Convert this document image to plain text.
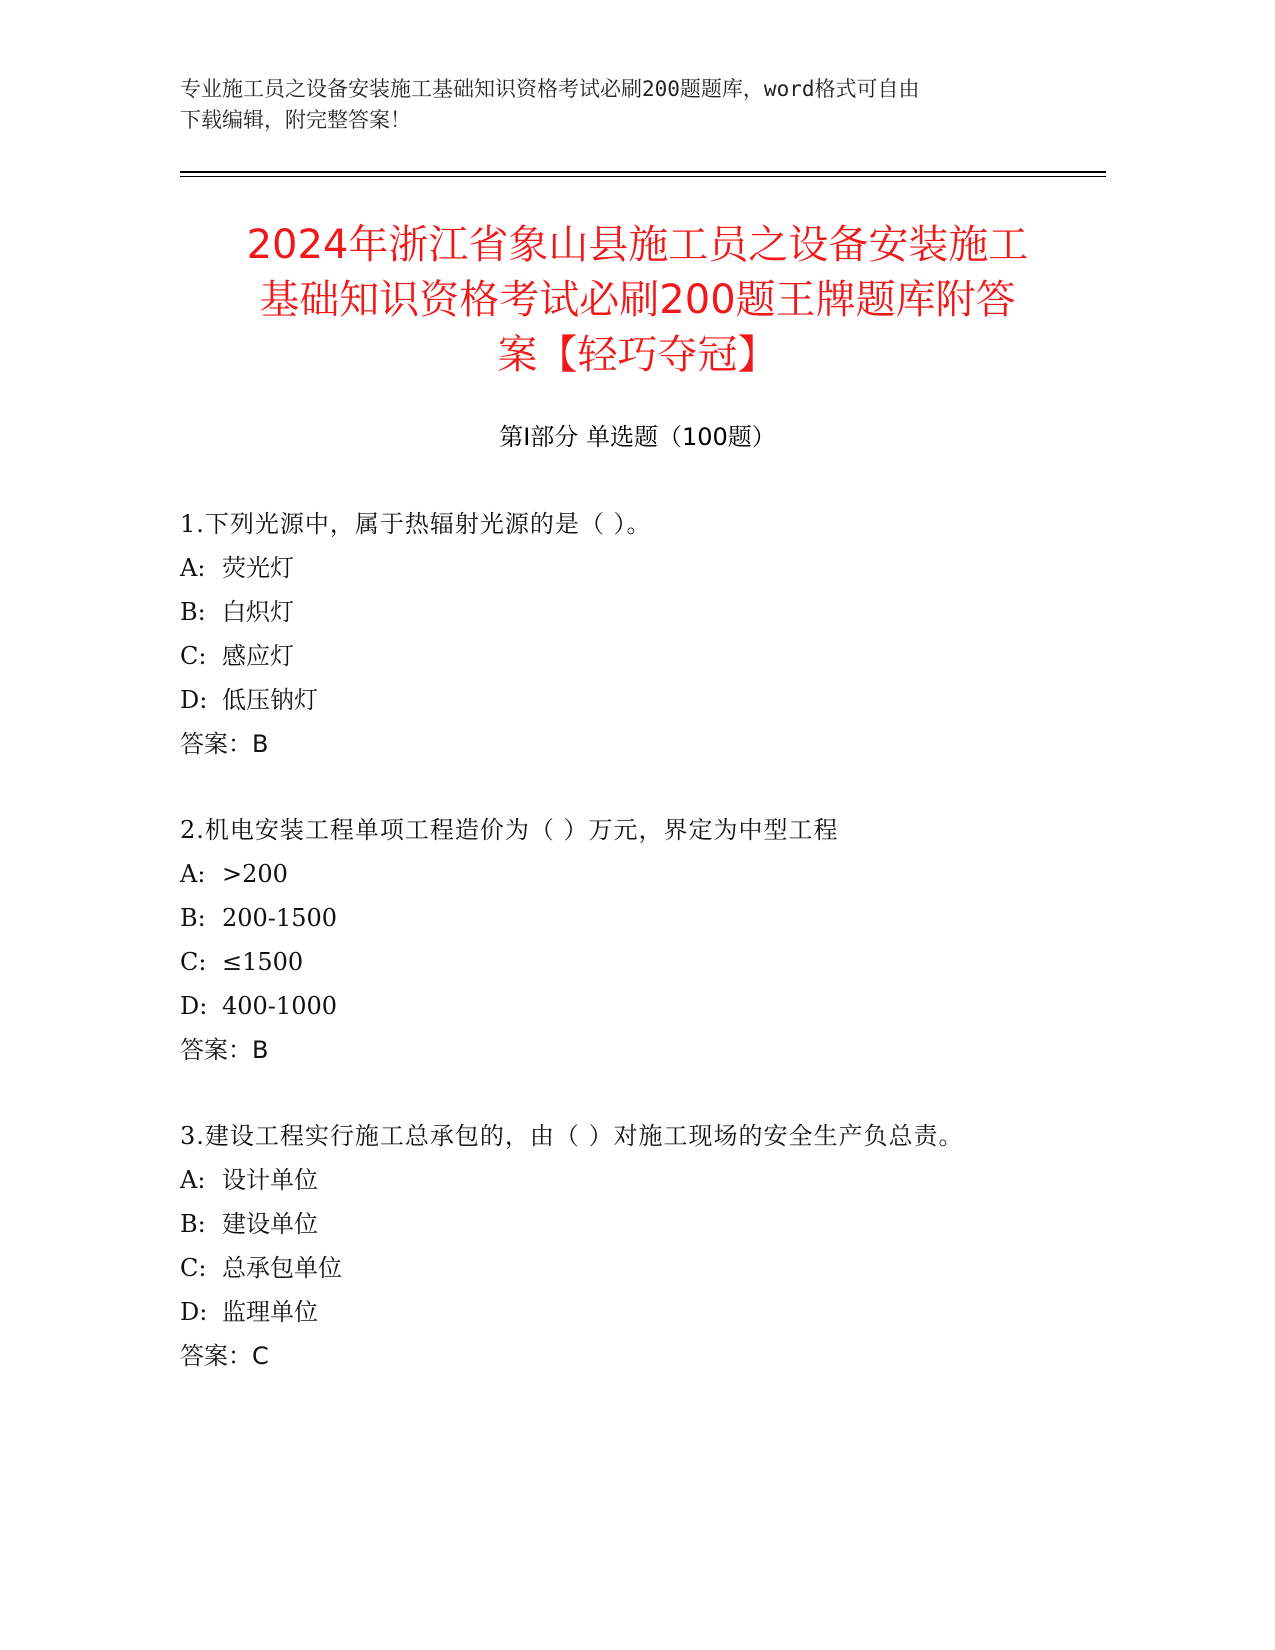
专业施工员之设备安装施工基础知识资格考试必刷200题题库，word格式可自由
下载编辑，附完整答案！
2024年浙江省象山县施工员之设备安装施工
基础知识资格考试必刷200题王牌题库附答
案【轻巧夺冠】
第Ⅰ部分 单选题（100题）
1.下列光源中，属于热辐射光源的是（ ）。
A: 荧光灯
B: 白炽灯
C: 感应灯
D: 低压钠灯
答案：B
2.机电安装工程单项工程造价为（ ）万元，界定为中型工程
A: >200
B: 200-1500
C: ≤1500
D: 400-1000
答案：B
3.建设工程实行施工总承包的，由（ ）对施工现场的安全生产负总责。
A: 设计单位
B: 建设单位
C: 总承包单位
D: 监理单位
答案：C
